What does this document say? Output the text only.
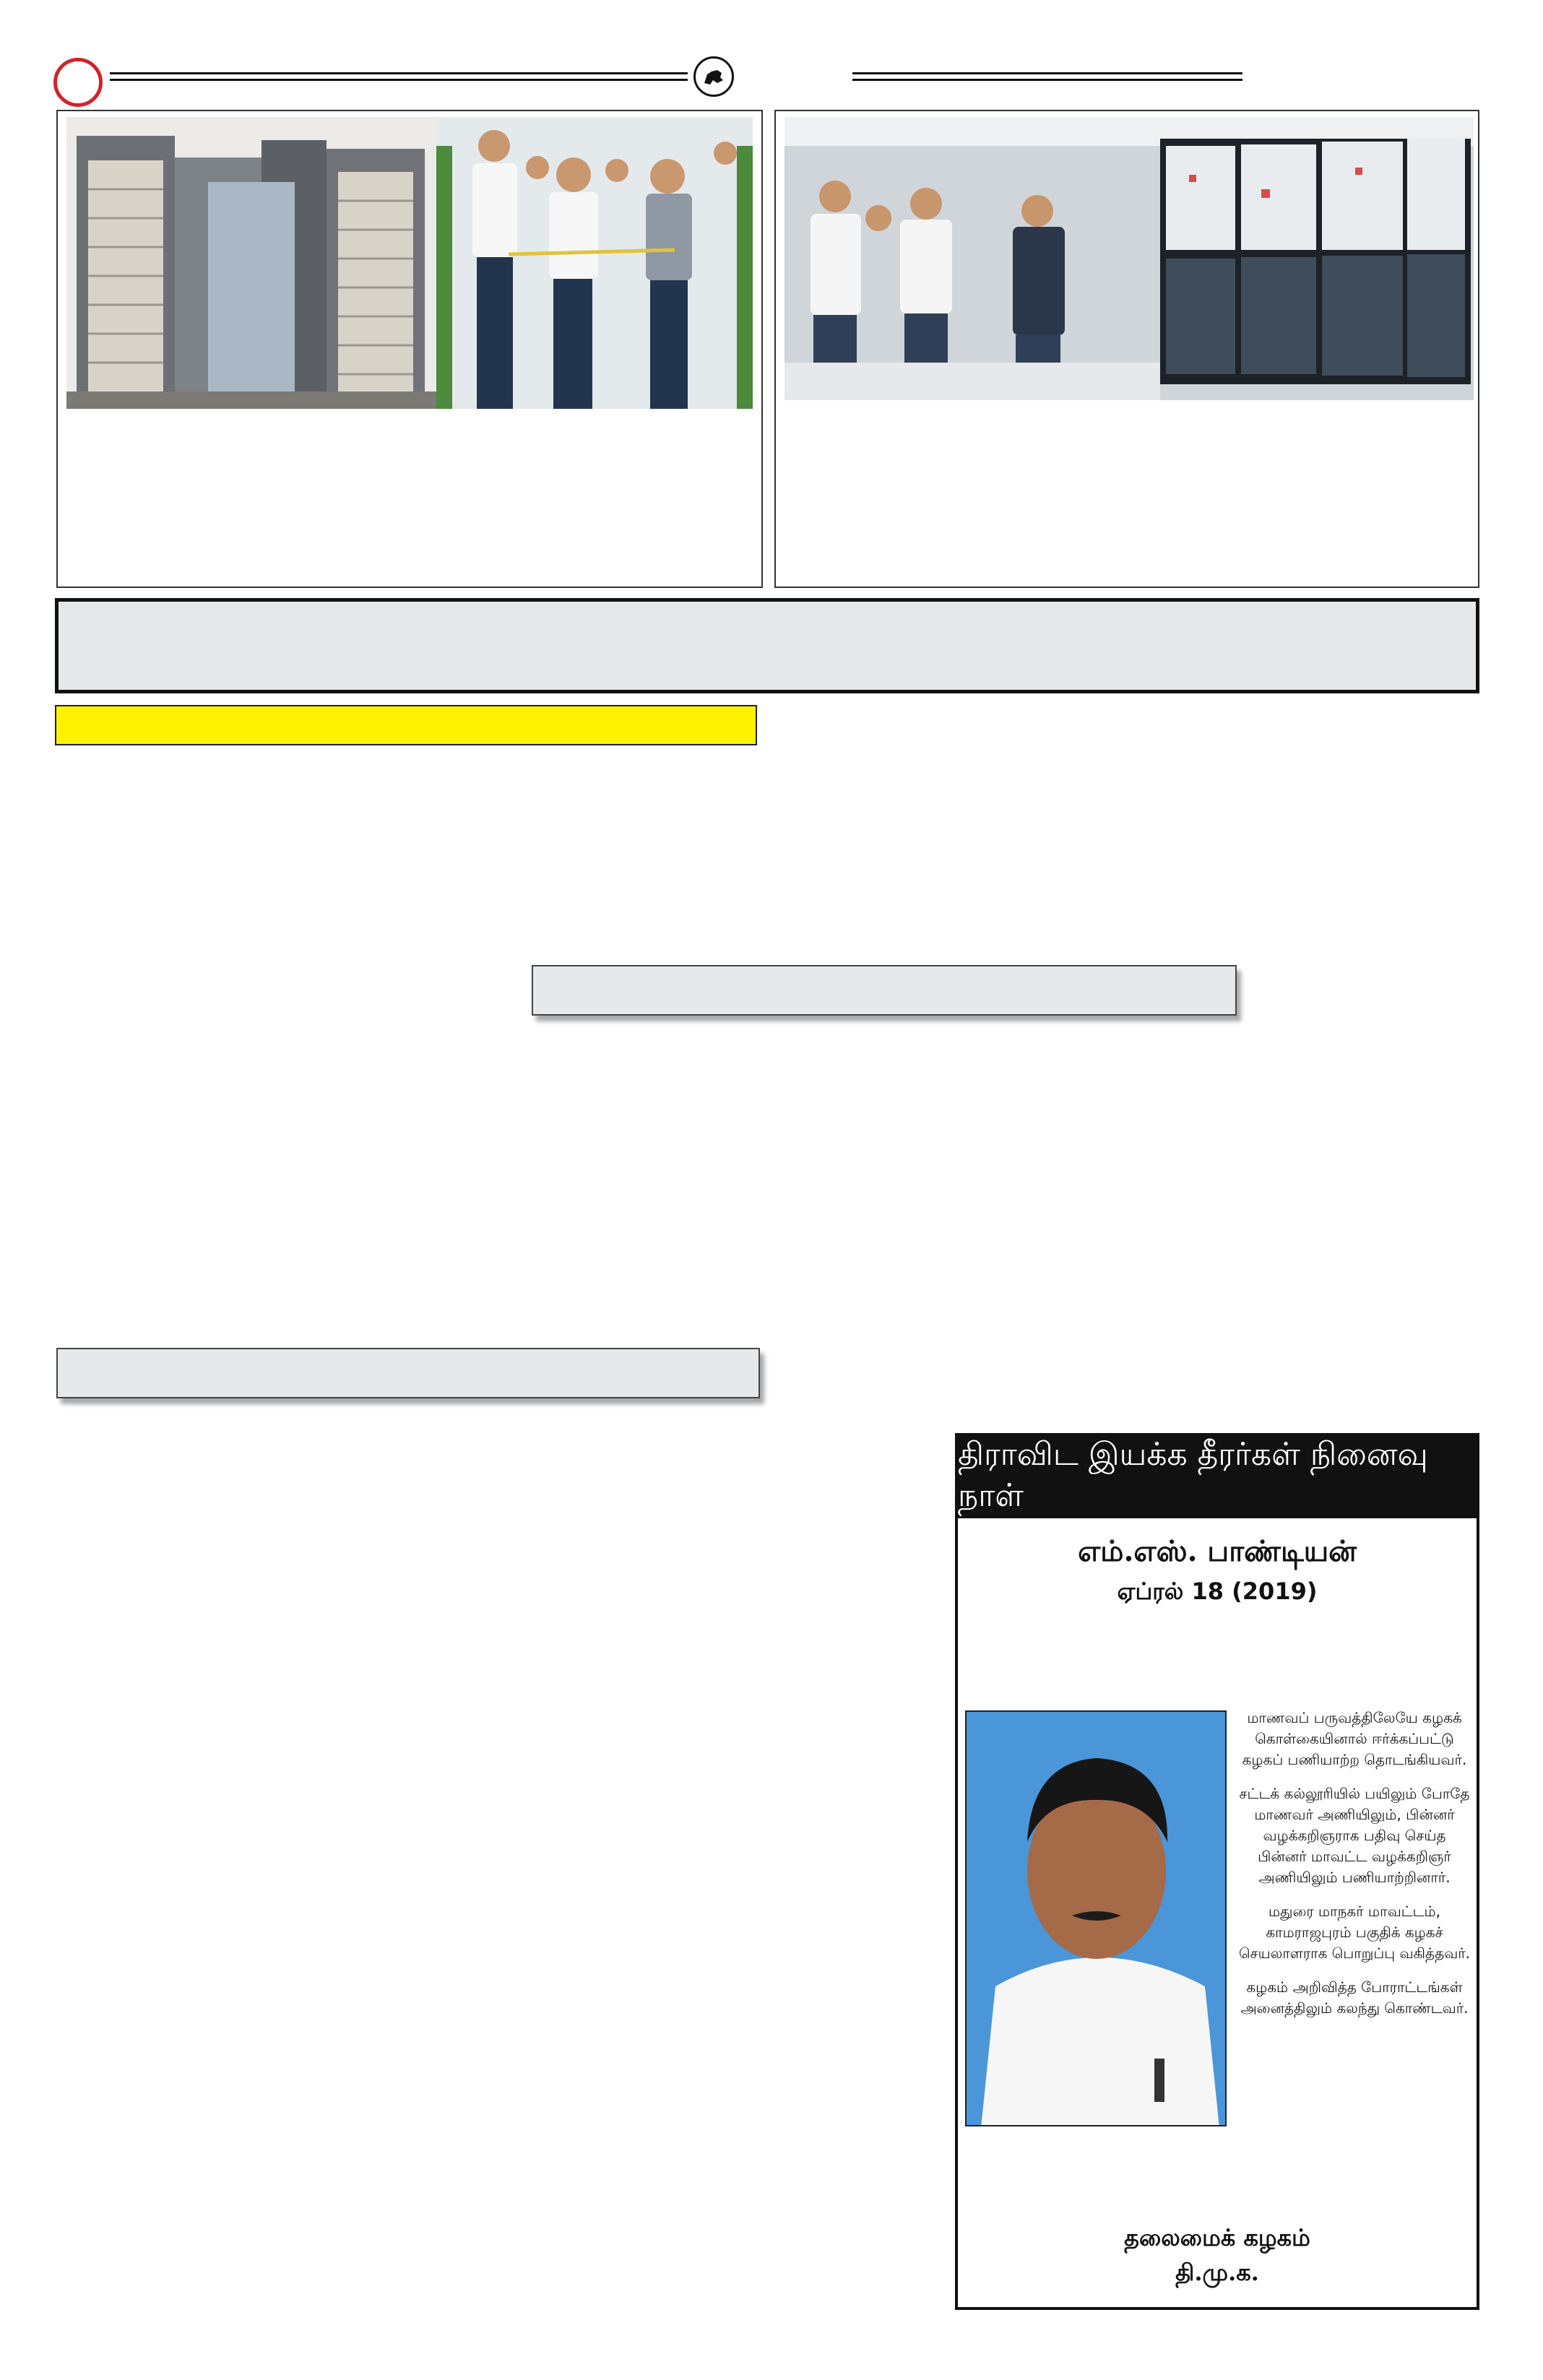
திராவிட இயக்க தீரர்கள் நினைவு நாள்
எம்.எஸ். பாண்டியன்
ஏப்ரல் 18 (2019)

மாணவப் பருவத்திலேயே கழகக் கொள்கையினால் ஈர்க்கப்பட்டு கழகப் பணியாற்ற தொடங்கியவர்.

சட்டக் கல்லூரியில் பயிலும் போதே மாணவர் அணியிலும், பின்னர் வழக்கறிஞராக பதிவு செய்த பின்னர் மாவட்ட வழக்கறிஞர் அணியிலும் பணியாற்றினார்.

மதுரை மாநகர் மாவட்டம், காமராஜபுரம் பகுதிக் கழகச் செயலாளராக பொறுப்பு வகித்தவர்.

கழகம் அறிவித்த போராட்டங்கள் அனைத்திலும் கலந்து கொண்டவர்.

தலைமைக் கழகம்
தி.மு.க.
